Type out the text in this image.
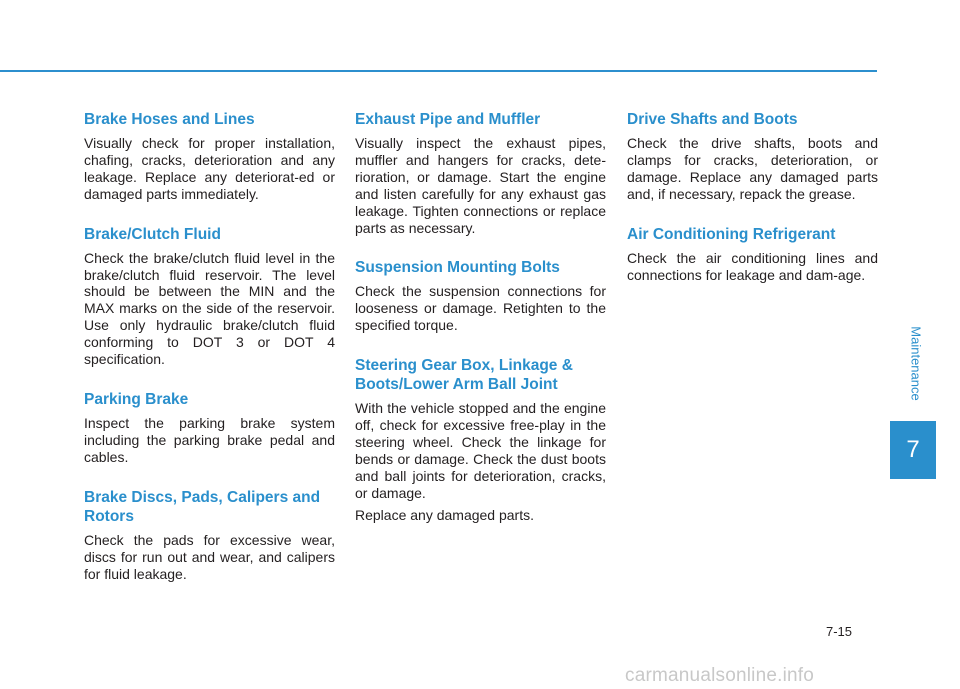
Brake Hoses and Lines

Visually check for proper installation, chafing, cracks, deterioration and any leakage. Replace any deteriorat-ed or damaged parts immediately.

Brake/Clutch Fluid

Check the brake/clutch fluid level in the brake/clutch fluid reservoir. The level should be between the MIN and the MAX marks on the side of the reservoir. Use only hydraulic brake/clutch fluid conforming to DOT 3 or DOT 4 specification.

Parking Brake

Inspect the parking brake system including the parking brake pedal and cables.

Brake Discs, Pads, Calipers and Rotors

Check the pads for excessive wear, discs for run out and wear, and calipers for fluid leakage.

Exhaust Pipe and Muffler

Visually inspect the exhaust pipes, muffler and hangers for cracks, dete-rioration, or damage. Start the engine and listen carefully for any exhaust gas leakage. Tighten connections or replace parts as necessary.

Suspension Mounting Bolts

Check the suspension connections for looseness or damage. Retighten to the specified torque.

Steering Gear Box, Linkage & Boots/Lower Arm Ball Joint

With the vehicle stopped and the engine off, check for excessive free-play in the steering wheel. Check the linkage for bends or damage. Check the dust boots and ball joints for deterioration, cracks, or damage.

Replace any damaged parts.

Drive Shafts and Boots

Check the drive shafts, boots and clamps for cracks, deterioration, or damage. Replace any damaged parts and, if necessary, repack the grease.

Air Conditioning Refrigerant

Check the air conditioning lines and connections for leakage and dam-age.

Maintenance
7
7-15
carmanualsonline.info
